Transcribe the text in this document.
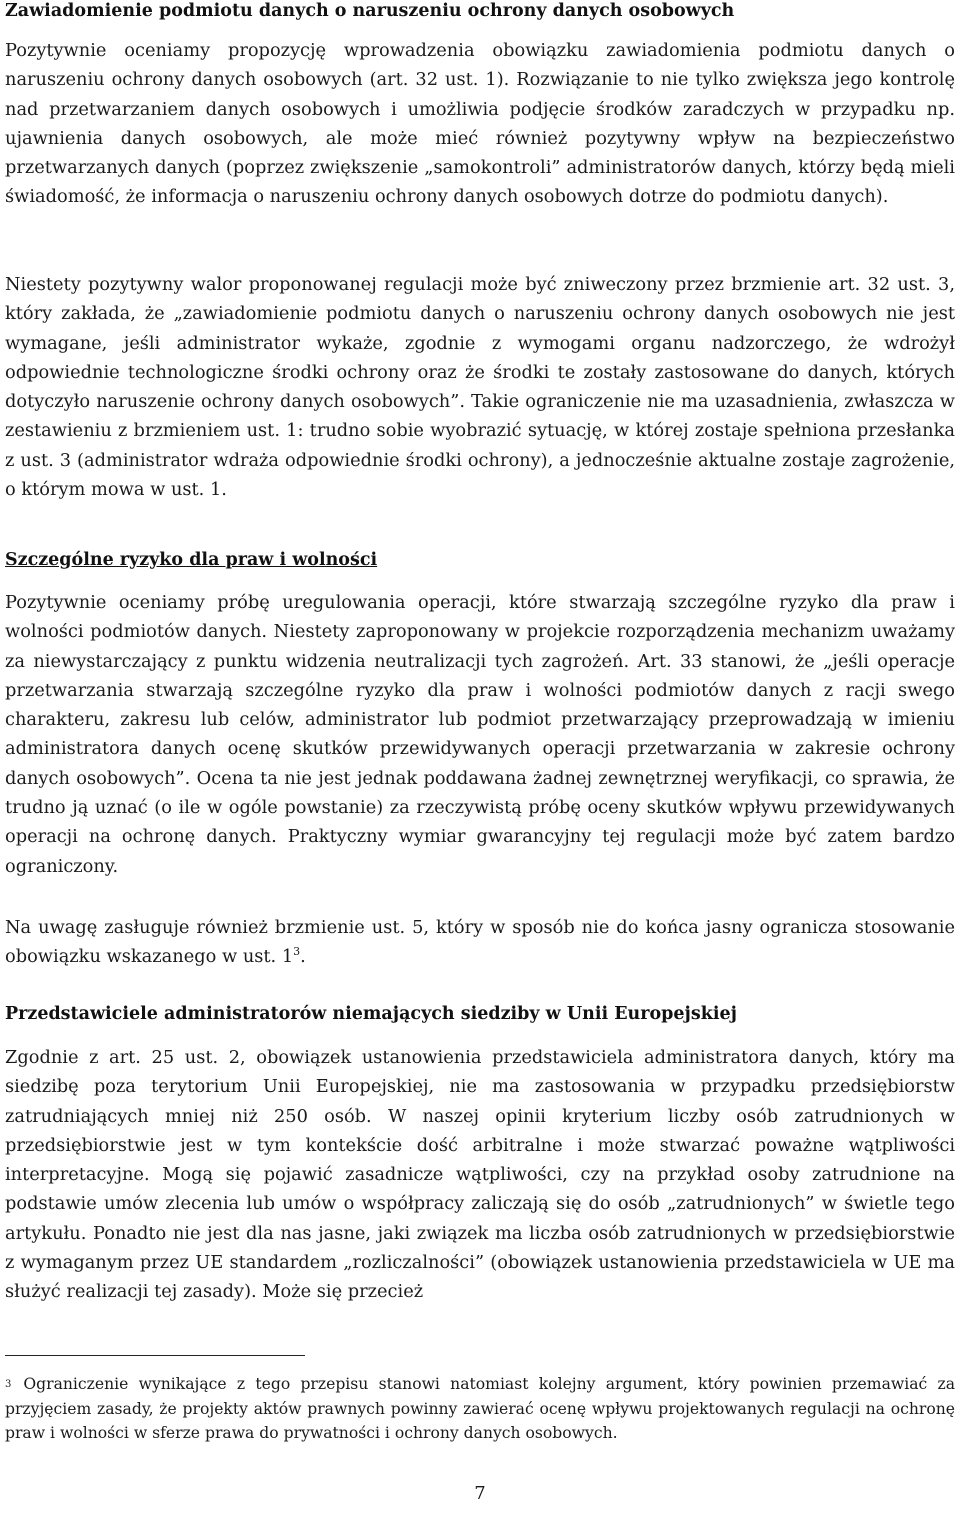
Zawiadomienie podmiotu danych o naruszeniu ochrony danych osobowych

Pozytywnie oceniamy propozycję wprowadzenia obowiązku zawiadomienia podmiotu danych o naruszeniu ochrony danych osobowych (art. 32 ust. 1). Rozwiązanie to nie tylko zwiększa jego kontrolę nad przetwarzaniem danych osobowych i umożliwia podjęcie środków zaradczych w przypadku np. ujawnienia danych osobowych, ale może mieć również pozytywny wpływ na bezpieczeństwo przetwarzanych danych (poprzez zwiększenie „samokontroli” administratorów danych, którzy będą mieli świadomość, że informacja o naruszeniu ochrony danych osobowych dotrze do podmiotu danych).

Niestety pozytywny walor proponowanej regulacji może być zniweczony przez brzmienie art. 32 ust. 3, który zakłada, że „zawiadomienie podmiotu danych o naruszeniu ochrony danych osobowych nie jest wymagane, jeśli administrator wykaże, zgodnie z wymogami organu nadzorczego, że wdrożył odpowiednie technologiczne środki ochrony oraz że środki te zostały zastosowane do danych, których dotyczyło naruszenie ochrony danych osobowych”. Takie ograniczenie nie ma uzasadnienia, zwłaszcza w zestawieniu z brzmieniem ust. 1: trudno sobie wyobrazić sytuację, w której zostaje spełniona przesłanka z ust. 3 (administrator wdraża odpowiednie środki ochrony), a jednocześnie aktualne zostaje zagrożenie, o którym mowa w ust. 1.

Szczególne ryzyko dla praw i wolności

Pozytywnie oceniamy próbę uregulowania operacji, które stwarzają szczególne ryzyko dla praw i wolności podmiotów danych. Niestety zaproponowany w projekcie rozporządzenia mechanizm uważamy za niewystarczający z punktu widzenia neutralizacji tych zagrożeń. Art. 33 stanowi, że „jeśli operacje przetwarzania stwarzają szczególne ryzyko dla praw i wolności podmiotów danych z racji swego charakteru, zakresu lub celów, administrator lub podmiot przetwarzający przeprowadzają w imieniu administratora danych ocenę skutków przewidywanych operacji przetwarzania w zakresie ochrony danych osobowych”. Ocena ta nie jest jednak poddawana żadnej zewnętrznej weryfikacji, co sprawia, że trudno ją uznać (o ile w ogóle powstanie) za rzeczywistą próbę oceny skutków wpływu przewidywanych operacji na ochronę danych. Praktyczny wymiar gwarancyjny tej regulacji może być zatem bardzo ograniczony.

Na uwagę zasługuje również brzmienie ust. 5, który w sposób nie do końca jasny ogranicza stosowanie obowiązku wskazanego w ust. $1^3$.

Przedstawiciele administratorów niemających siedziby w Unii Europejskiej

Zgodnie z art. 25 ust. 2, obowiązek ustanowienia przedstawiciela administratora danych, który ma siedzibę poza terytorium Unii Europejskiej, nie ma zastosowania w przypadku przedsiębiorstw zatrudniających mniej niż 250 osób. W naszej opinii kryterium liczby osób zatrudnionych w przedsiębiorstwie jest w tym kontekście dość arbitralne i może stwarzać poważne wątpliwości interpretacyjne. Mogą się pojawić zasadnicze wątpliwości, czy na przykład osoby zatrudnione na podstawie umów zlecenia lub umów o współpracy zaliczają się do osób „zatrudnionych” w świetle tego artykułu. Ponadto nie jest dla nas jasne, jaki związek ma liczba osób zatrudnionych w przedsiębiorstwie z wymaganym przez UE standardem „rozliczalności” (obowiązek ustanowienia przedstawiciela w UE ma służyć realizacji tej zasady). Może się przecież

$^3$ Ograniczenie wynikające z tego przepisu stanowi natomiast kolejny argument, który powinien przemawiać za przyjęciem zasady, że projekty aktów prawnych powinny zawierać ocenę wpływu projektowanych regulacji na ochronę praw i wolności w sferze prawa do prywatności i ochrony danych osobowych.

7
